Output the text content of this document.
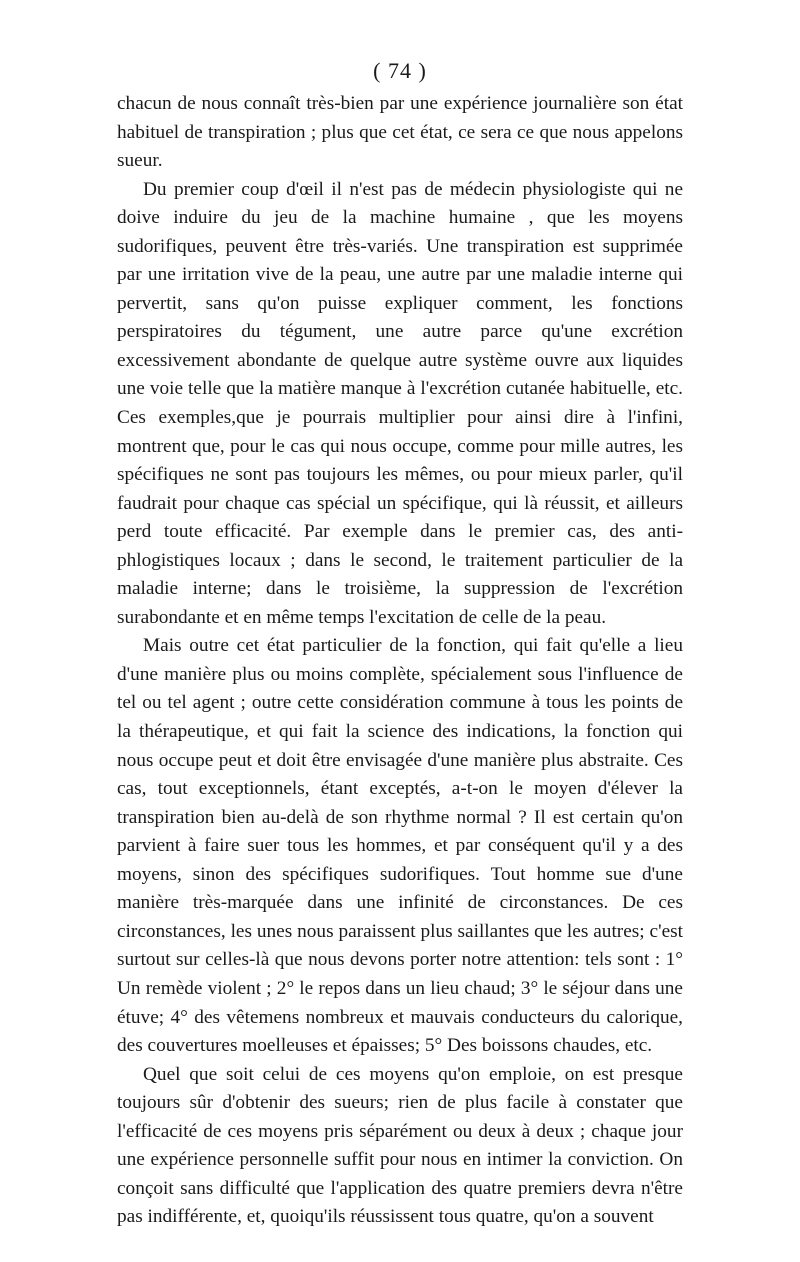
( 74 )

chacun de nous connaît très-bien par une expérience journalière son état habituel de transpiration ; plus que cet état, ce sera ce que nous appelons sueur.

Du premier coup d'œil il n'est pas de médecin physiologiste qui ne doive induire du jeu de la machine humaine , que les moyens sudorifiques, peuvent être très-variés. Une transpiration est supprimée par une irritation vive de la peau, une autre par une maladie interne qui pervertit, sans qu'on puisse expliquer comment, les fonctions perspiratoires du tégument, une autre parce qu'une excrétion excessivement abondante de quelque autre système ouvre aux liquides une voie telle que la matière manque à l'excrétion cutanée habituelle, etc. Ces exemples,que je pourrais multiplier pour ainsi dire à l'infini, montrent que, pour le cas qui nous occupe, comme pour mille autres, les spécifiques ne sont pas toujours les mêmes, ou pour mieux parler, qu'il faudrait pour chaque cas spécial un spécifique, qui là réussit, et ailleurs perd toute efficacité. Par exemple dans le premier cas, des anti-phlogistiques locaux ; dans le second, le traitement particulier de la maladie interne; dans le troisième, la suppression de l'excrétion surabondante et en même temps l'excitation de celle de la peau.

Mais outre cet état particulier de la fonction, qui fait qu'elle a lieu d'une manière plus ou moins complète, spécialement sous l'influence de tel ou tel agent ; outre cette considération commune à tous les points de la thérapeutique, et qui fait la science des indications, la fonction qui nous occupe peut et doit être envisagée d'une manière plus abstraite. Ces cas, tout exceptionnels, étant exceptés, a-t-on le moyen d'élever la transpiration bien au-delà de son rhythme normal ? Il est certain qu'on parvient à faire suer tous les hommes, et par conséquent qu'il y a des moyens, sinon des spécifiques sudorifiques. Tout homme sue d'une manière très-marquée dans une infinité de circonstances. De ces circonstances, les unes nous paraissent plus saillantes que les autres; c'est surtout sur celles-là que nous devons porter notre attention: tels sont : 1° Un remède violent ; 2° le repos dans un lieu chaud; 3° le séjour dans une étuve; 4° des vêtemens nombreux et mauvais conducteurs du calorique, des couvertures moelleuses et épaisses; 5° Des boissons chaudes, etc.

Quel que soit celui de ces moyens qu'on emploie, on est presque toujours sûr d'obtenir des sueurs; rien de plus facile à constater que l'efficacité de ces moyens pris séparément ou deux à deux ; chaque jour une expérience personnelle suffit pour nous en intimer la conviction. On conçoit sans difficulté que l'application des quatre premiers devra n'être pas indifférente, et, quoiqu'ils réussissent tous quatre, qu'on a souvent
